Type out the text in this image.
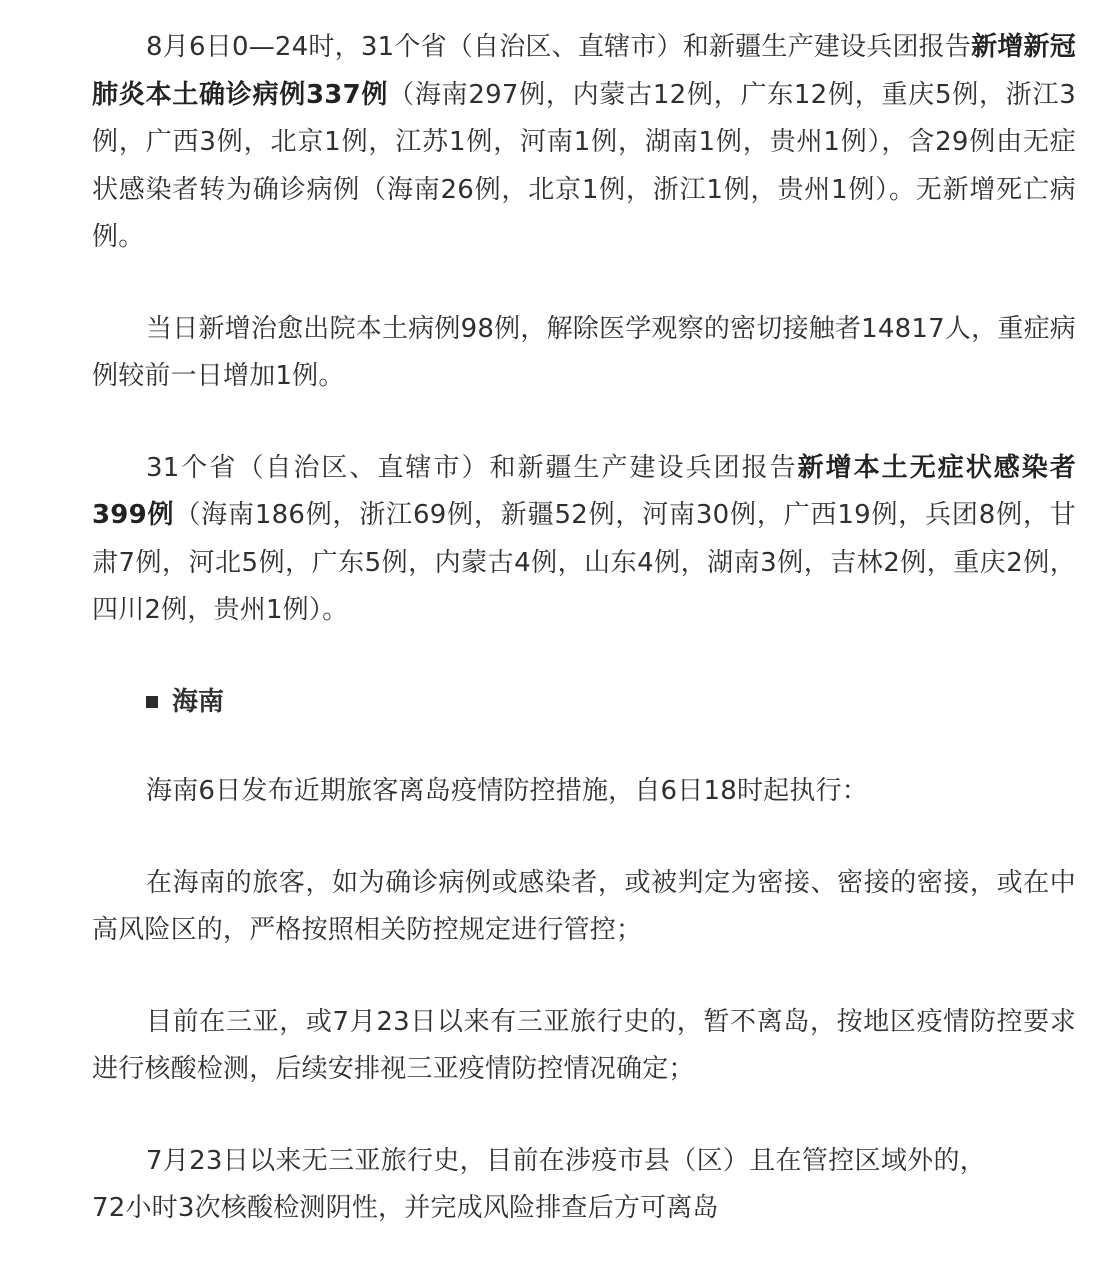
8月6日0—24时，31个省（自治区、直辖市）和新疆生产建设兵团报告新增新冠肺炎本土确诊病例337例（海南297例，内蒙古12例，广东12例，重庆5例，浙江3例，广西3例，北京1例，江苏1例，河南1例，湖南1例，贵州1例），含29例由无症状感染者转为确诊病例（海南26例，北京1例，浙江1例，贵州1例）。无新增死亡病例。

当日新增治愈出院本土病例98例，解除医学观察的密切接触者14817人，重症病例较前一日增加1例。

31个省（自治区、直辖市）和新疆生产建设兵团报告新增本土无症状感染者 399例（海南186例，浙江69例，新疆52例，河南30例，广西19例，兵团8例，甘肃7例，河北5例，广东5例，内蒙古4例，山东4例，湖南3例，吉林2例，重庆2例，四川2例，贵州1例）。

海南

海南6日发布近期旅客离岛疫情防控措施，自6日18时起执行：

在海南的旅客，如为确诊病例或感染者，或被判定为密接、密接的密接，或在中高风险区的，严格按照相关防控规定进行管控；

目前在三亚，或7月23日以来有三亚旅行史的，暂不离岛，按地区疫情防控要求进行核酸检测，后续安排视三亚疫情防控情况确定；

7月23日以来无三亚旅行史，目前在涉疫市县（区）且在管控区域外的，72小时3次核酸检测阴性，并完成风险排查后方可离岛
